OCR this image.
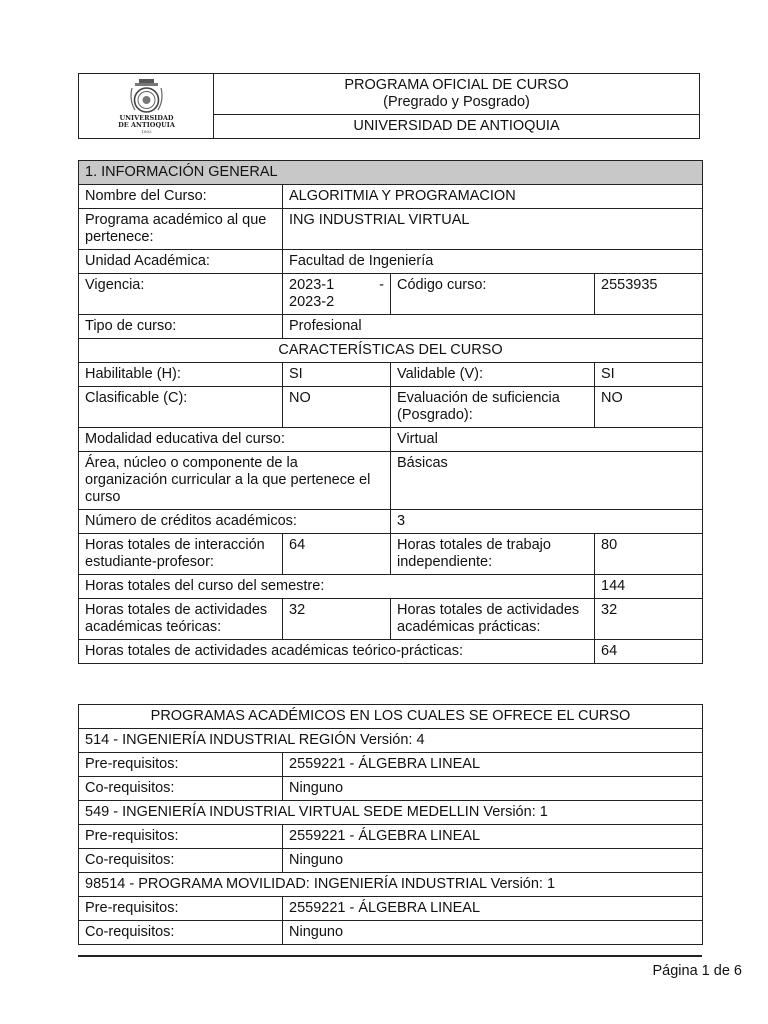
UNIVERSIDAD
DE ANTIOQUIA
1803
PROGRAMA OFICIAL DE CURSO
(Pregrado y Posgrado)
UNIVERSIDAD DE ANTIOQUIA
1. INFORMACIÓN GENERAL			
Nombre del Curso:	ALGORITMIA Y PROGRAMACION		
Programa académico al que pertenece:	ING INDUSTRIAL VIRTUAL		
Unidad Académica:	Facultad de Ingeniería		
Vigencia:	2023-1 -
2023-2	Código curso:	2553935
Tipo de curso:	Profesional		
CARACTERÍSTICAS DEL CURSO			
Habilitable (H):	SI	Validable (V):	SI
Clasificable (C):	NO	Evaluación de suficiencia (Posgrado):	NO
Modalidad educativa del curso:		Virtual	
Área, núcleo o componente de la organización curricular a la que pertenece el curso		Básicas	
Número de créditos académicos:		3	
Horas totales de interacción estudiante-profesor:	64	Horas totales de trabajo independiente:	80
Horas totales del curso del semestre:			144
Horas totales de actividades académicas teóricas:	32	Horas totales de actividades académicas prácticas:	32
Horas totales de actividades académicas teórico-prácticas:			64
PROGRAMAS ACADÉMICOS EN LOS CUALES SE OFRECE EL CURSO	
514 - INGENIERÍA INDUSTRIAL REGIÓN Versión: 4	
Pre-requisitos:	2559221 - ÁLGEBRA LINEAL
Co-requisitos:	Ninguno
549 - INGENIERÍA INDUSTRIAL VIRTUAL SEDE MEDELLIN Versión: 1	
Pre-requisitos:	2559221 - ÁLGEBRA LINEAL
Co-requisitos:	Ninguno
98514 - PROGRAMA MOVILIDAD: INGENIERÍA INDUSTRIAL Versión: 1	
Pre-requisitos:	2559221 - ÁLGEBRA LINEAL
Co-requisitos:	Ninguno
Página 1 de 6
